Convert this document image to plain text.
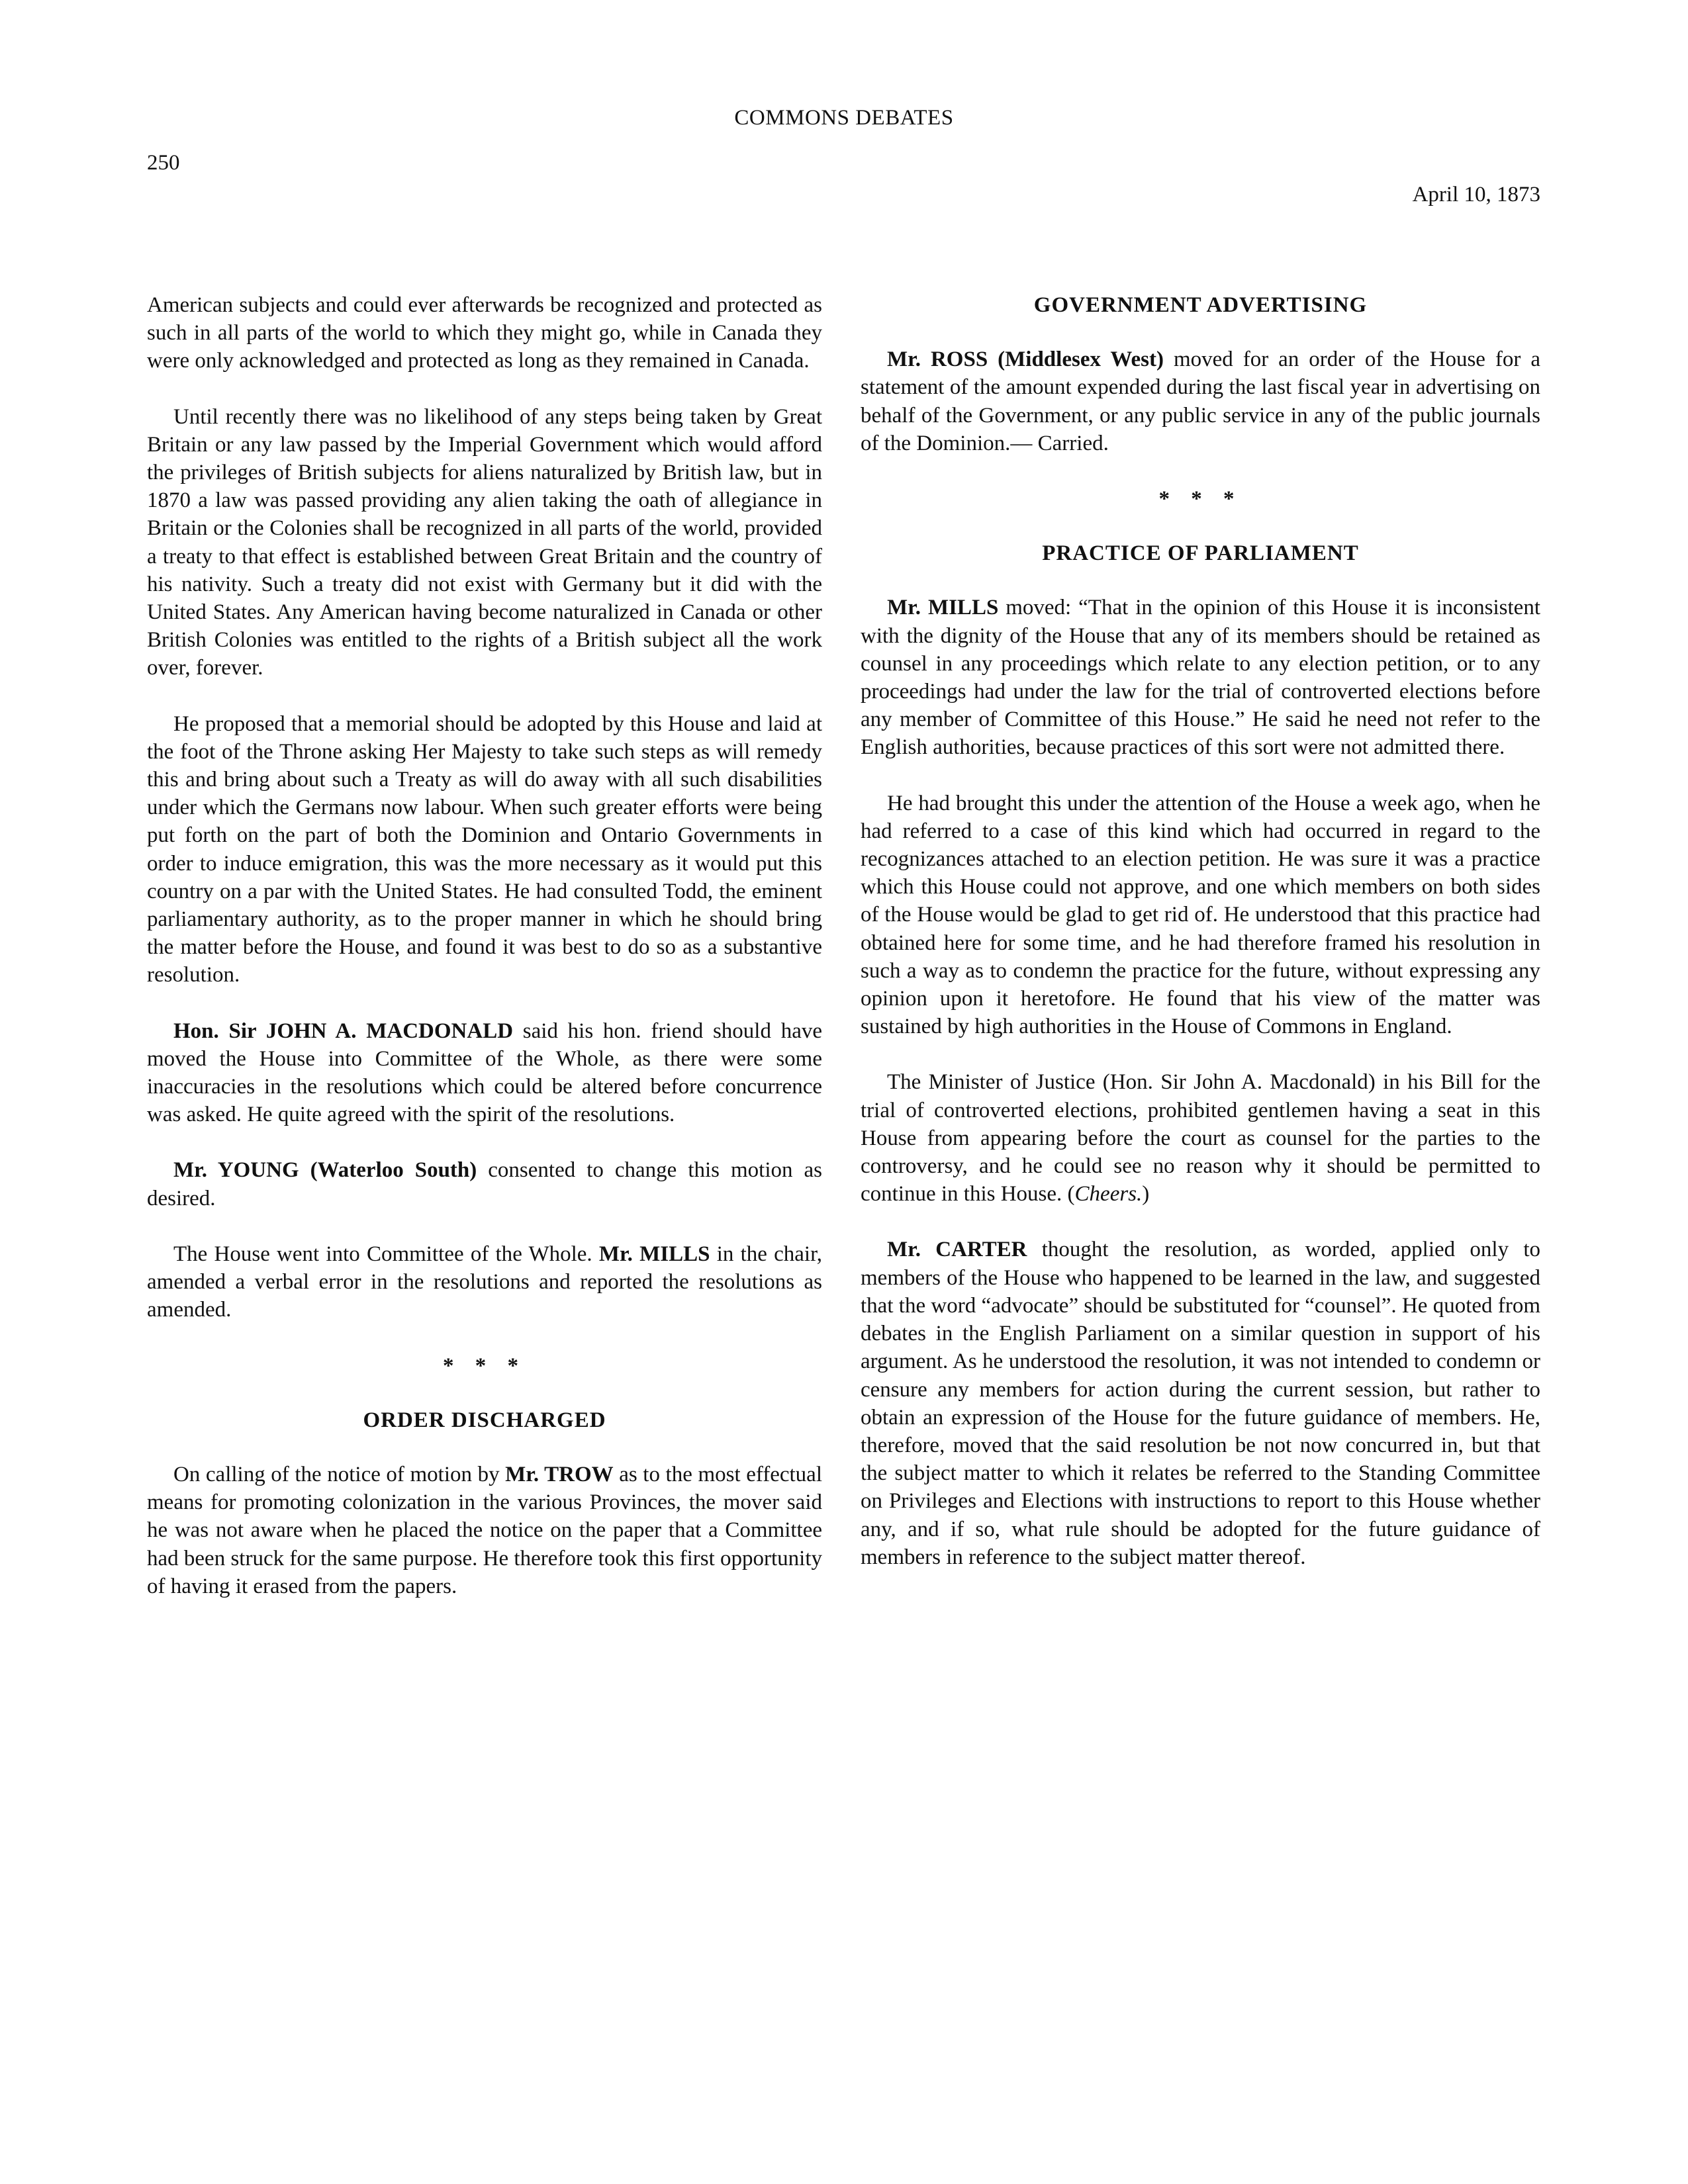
COMMONS DEBATES
250
April 10, 1873

American subjects and could ever afterwards be recognized and protected as such in all parts of the world to which they might go, while in Canada they were only acknowledged and protected as long as they remained in Canada.

Until recently there was no likelihood of any steps being taken by Great Britain or any law passed by the Imperial Government which would afford the privileges of British subjects for aliens naturalized by British law, but in 1870 a law was passed providing any alien taking the oath of allegiance in Britain or the Colonies shall be recognized in all parts of the world, provided a treaty to that effect is established between Great Britain and the country of his nativity. Such a treaty did not exist with Germany but it did with the United States. Any American having become naturalized in Canada or other British Colonies was entitled to the rights of a British subject all the work over, forever.

He proposed that a memorial should be adopted by this House and laid at the foot of the Throne asking Her Majesty to take such steps as will remedy this and bring about such a Treaty as will do away with all such disabilities under which the Germans now labour. When such greater efforts were being put forth on the part of both the Dominion and Ontario Governments in order to induce emigration, this was the more necessary as it would put this country on a par with the United States. He had consulted Todd, the eminent parliamentary authority, as to the proper manner in which he should bring the matter before the House, and found it was best to do so as a substantive resolution.

Hon. Sir JOHN A. MACDONALD said his hon. friend should have moved the House into Committee of the Whole, as there were some inaccuracies in the resolutions which could be altered before concurrence was asked. He quite agreed with the spirit of the resolutions.

Mr. YOUNG (Waterloo South) consented to change this motion as desired.

The House went into Committee of the Whole. Mr. MILLS in the chair, amended a verbal error in the resolutions and reported the resolutions as amended.

* * *
ORDER DISCHARGED

On calling of the notice of motion by Mr. TROW as to the most effectual means for promoting colonization in the various Provinces, the mover said he was not aware when he placed the notice on the paper that a Committee had been struck for the same purpose. He therefore took this first opportunity of having it erased from the papers.

GOVERNMENT ADVERTISING

Mr. ROSS (Middlesex West) moved for an order of the House for a statement of the amount expended during the last fiscal year in advertising on behalf of the Government, or any public service in any of the public journals of the Dominion.— Carried.

* * *
PRACTICE OF PARLIAMENT

Mr. MILLS moved: “That in the opinion of this House it is inconsistent with the dignity of the House that any of its members should be retained as counsel in any proceedings which relate to any election petition, or to any proceedings had under the law for the trial of controverted elections before any member of Committee of this House.” He said he need not refer to the English authorities, because practices of this sort were not admitted there.

He had brought this under the attention of the House a week ago, when he had referred to a case of this kind which had occurred in regard to the recognizances attached to an election petition. He was sure it was a practice which this House could not approve, and one which members on both sides of the House would be glad to get rid of. He understood that this practice had obtained here for some time, and he had therefore framed his resolution in such a way as to condemn the practice for the future, without expressing any opinion upon it heretofore. He found that his view of the matter was sustained by high authorities in the House of Commons in England.

The Minister of Justice (Hon. Sir John A. Macdonald) in his Bill for the trial of controverted elections, prohibited gentlemen having a seat in this House from appearing before the court as counsel for the parties to the controversy, and he could see no reason why it should be permitted to continue in this House. (Cheers.)

Mr. CARTER thought the resolution, as worded, applied only to members of the House who happened to be learned in the law, and suggested that the word “advocate” should be substituted for “counsel”. He quoted from debates in the English Parliament on a similar question in support of his argument. As he understood the resolution, it was not intended to condemn or censure any members for action during the current session, but rather to obtain an expression of the House for the future guidance of members. He, therefore, moved that the said resolution be not now concurred in, but that the subject matter to which it relates be referred to the Standing Committee on Privileges and Elections with instructions to report to this House whether any, and if so, what rule should be adopted for the future guidance of members in reference to the subject matter thereof.
